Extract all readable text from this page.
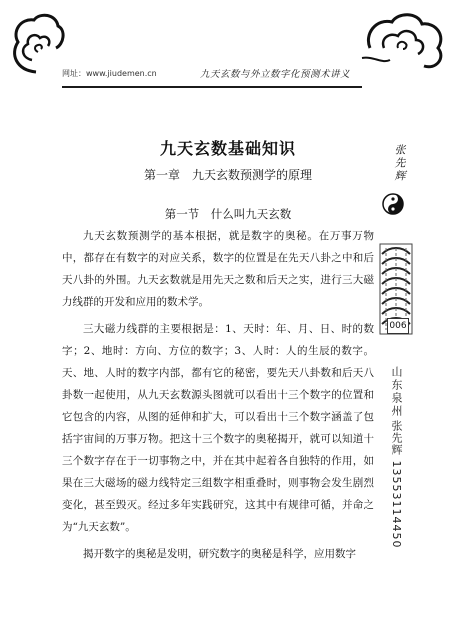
网址：www.jiudemen.cn	九天玄数与外立数字化预测术讲义
九天玄数基础知识
第一章　九天玄数预测学的原理
第一节　什么叫九天玄数

九天玄数预测学的基本根据，就是数字的奥秘。在万事万物中，都存在有数字的对应关系，数字的位置是在先天八卦之中和后天八卦的外围。九天玄数就是用先天之数和后天之实，进行三大磁力线群的开发和应用的数术学。

三大磁力线群的主要根据是：1、天时：年、月、日、时的数字；2、地时：方向、方位的数字；3、人时：人的生辰的数字。天、地、人时的数字内部，都有它的秘密，要先天八卦数和后天八卦数一起使用，从九天玄数源头图就可以看出十三个数字的位置和它包含的内容，从图的延伸和扩大，可以看出十三个数字涵盖了包括宇宙间的万事万物。把这十三个数字的奥秘揭开，就可以知道十三个数字存在于一切事物之中，并在其中起着各自独特的作用，如果在三大磁场的磁力线特定三组数字相重叠时，则事物会发生剧烈变化，甚至毁灭。经过多年实践研究，这其中有规律可循，并命之为“九天玄数”。

揭开数字的奥秘是发明，研究数字的奥秘是科学，应用数字

张先辉
006
山东泉州
张先辉 13553114450
